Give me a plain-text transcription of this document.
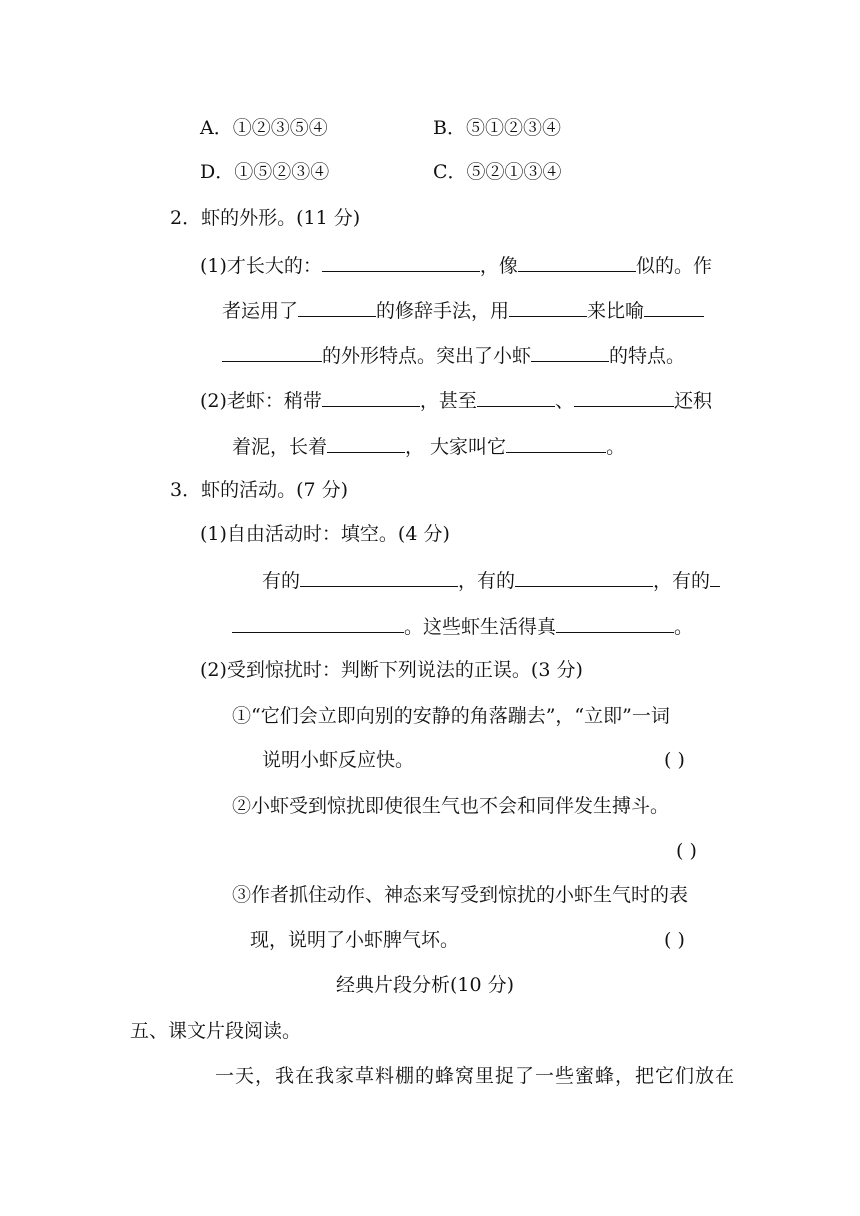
A．①②③⑤④	B．⑤①②③④
D．①⑤②③④	C．⑤②①③④
2．虾的外形。(11 分)
(1)才长大的：	，像	似的。作
者运用了	的修辞手法，用	来比喻
的外形特点。突出了小虾	的特点。
(2)老虾：稍带	，甚至	、	还积
着泥，长着	， 大家叫它	。
3．虾的活动。(7 分)
(1)自由活动时：填空。(4 分)
有的	，有的	，有的
。这些虾生活得真	。
(2)受到惊扰时：判断下列说法的正误。(3 分)
①“它们会立即向别的安静的角落蹦去”，“立即”一词
说明小虾反应快。	( )
②小虾受到惊扰即使很生气也不会和同伴发生搏斗。
( )
③作者抓住动作、神态来写受到惊扰的小虾生气时的表
现，说明了小虾脾气坏。	( )
经典片段分析(10 分)
五、课文片段阅读。
一天，我在我家草料棚的蜂窝里捉了一些蜜蜂，把它们放在
